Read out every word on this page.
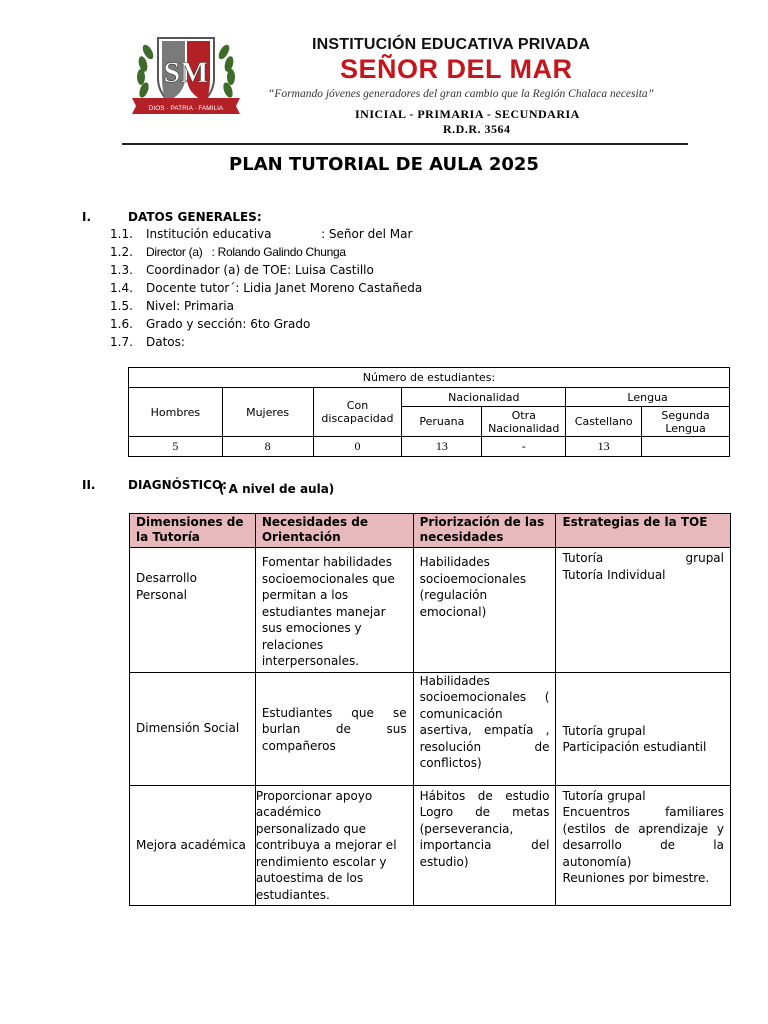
SM
DIOS · PATRIA · FAMILIA
INSTITUCIÓN EDUCATIVA PRIVADA
SEÑOR DEL MAR
“Formando jóvenes generadores del gran cambio que la Región Chalaca necesita”
INICIAL - PRIMARIA - SECUNDARIA
R.D.R. 3564
PLAN TUTORIAL DE AULA 2025
I.	DATOS GENERALES:
1.1. Institución educativa             : Señor del Mar
1.2. Director (a)   : Rolando Galindo Chunga
1.3. Coordinador (a) de TOE: Luisa Castillo
1.4. Docente tutor´: Lidia Janet Moreno Castañeda
1.5. Nivel: Primaria
1.6. Grado y sección: 6to Grado
1.7. Datos:
Número de estudiantes:						
Hombres	Mujeres	Con discapacidad	Nacionalidad		Lengua	
			Peruana	Otra Nacionalidad	Castellano	Segunda Lengua
5	8	0	13	-	13	
II.	DIAGNÓSTICO:
( A nivel de aula)
Dimensiones de la Tutoría	Necesidades de Orientación	Priorización de las necesidades	Estrategias de la TOE
Desarrollo Personal	Fomentar habilidades socioemocionales que permitan a los estudiantes manejar sus emociones y relaciones interpersonales.	Habilidades socioemocionales (regulación emocional)	Tutoría grupal
Tutoría Individual

Dimensión Social	Estudiantes que se burlan de sus compañeros	Habilidades socioemocionales ( comunicación asertiva, empatía , resolución de conflictos)	Tutoría grupal
Participación estudiantil

Mejora académica	Proporcionar apoyo académico personalizado que contribuya a mejorar el rendimiento escolar y autoestima de los estudiantes.	Hábitos de estudio Logro de metas (perseverancia, importancia del estudio)	Tutoría grupal
Encuentros familiares (estilos de aprendizaje y desarrollo de la autonomía)
Reuniones por bimestre.
